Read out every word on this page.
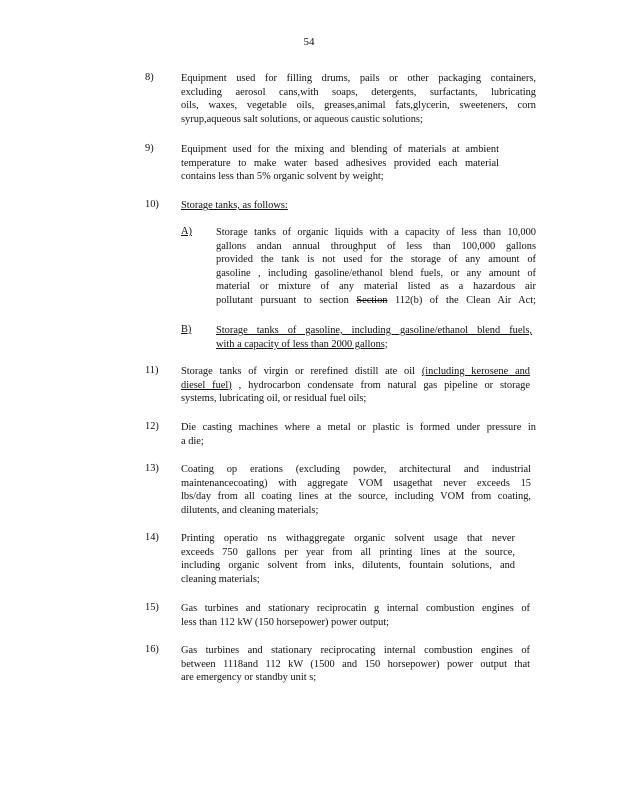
54
8)	Equipment used for filling drums, pails or other packaging containers,
excluding aerosol cans,with soaps, detergents, surfactants, lubricating
oils, waxes, vegetable oils, greases,animal fats,glycerin, sweeteners, corn
syrup,aqueous salt solutions, or aqueous caustic solutions;
9)	Equipment used for the mixing and blending of materials at ambient
temperature to make water based adhesives provided each material
contains less than 5% organic solvent by weight;
10) Storage tanks, as follows:
A) Storage tanks of organic liquids with a capacity of less than 10,000
gallons andan annual throughput of less than 100,000 gallons
provided the tank is not used for the storage of any amount of
gasoline , including gasoline/ethanol blend fuels, or any amount of
material or mixture of any material listed as a hazardous air
pollutant pursuant to section Section 112(b) of the Clean Air Act;
B) Storage tanks of gasoline, including gasoline/ethanol blend fuels,
with a capacity of less than 2000 gallons;
11) Storage tanks of virgin or rerefined distill ate oil (including kerosene and
diesel fuel) , hydrocarbon condensate from natural gas pipeline or storage
systems, lubricating oil, or residual fuel oils;
12) Die casting machines where a metal or plastic is formed under pressure in
a die;
13) Coating op erations (excluding powder, architectural and industrial
maintenancecoating) with aggregate VOM usagethat never exceeds 15
lbs/day from all coating lines at the source, including VOM from coating,
dilutents, and cleaning materials;
14) Printing operatio ns withaggregate organic solvent usage that never
exceeds 750 gallons per year from all printing lines at the source,
including organic solvent from inks, dilutents, fountain solutions, and
cleaning materials;
15) Gas turbines and stationary reciprocatin g internal combustion engines of
less than 112 kW (150 horsepower) power output;
16) Gas turbines and stationary reciprocating internal combustion engines of
between 1118and 112 kW (1500 and 150 horsepower) power output that
are emergency or standby unit s;
